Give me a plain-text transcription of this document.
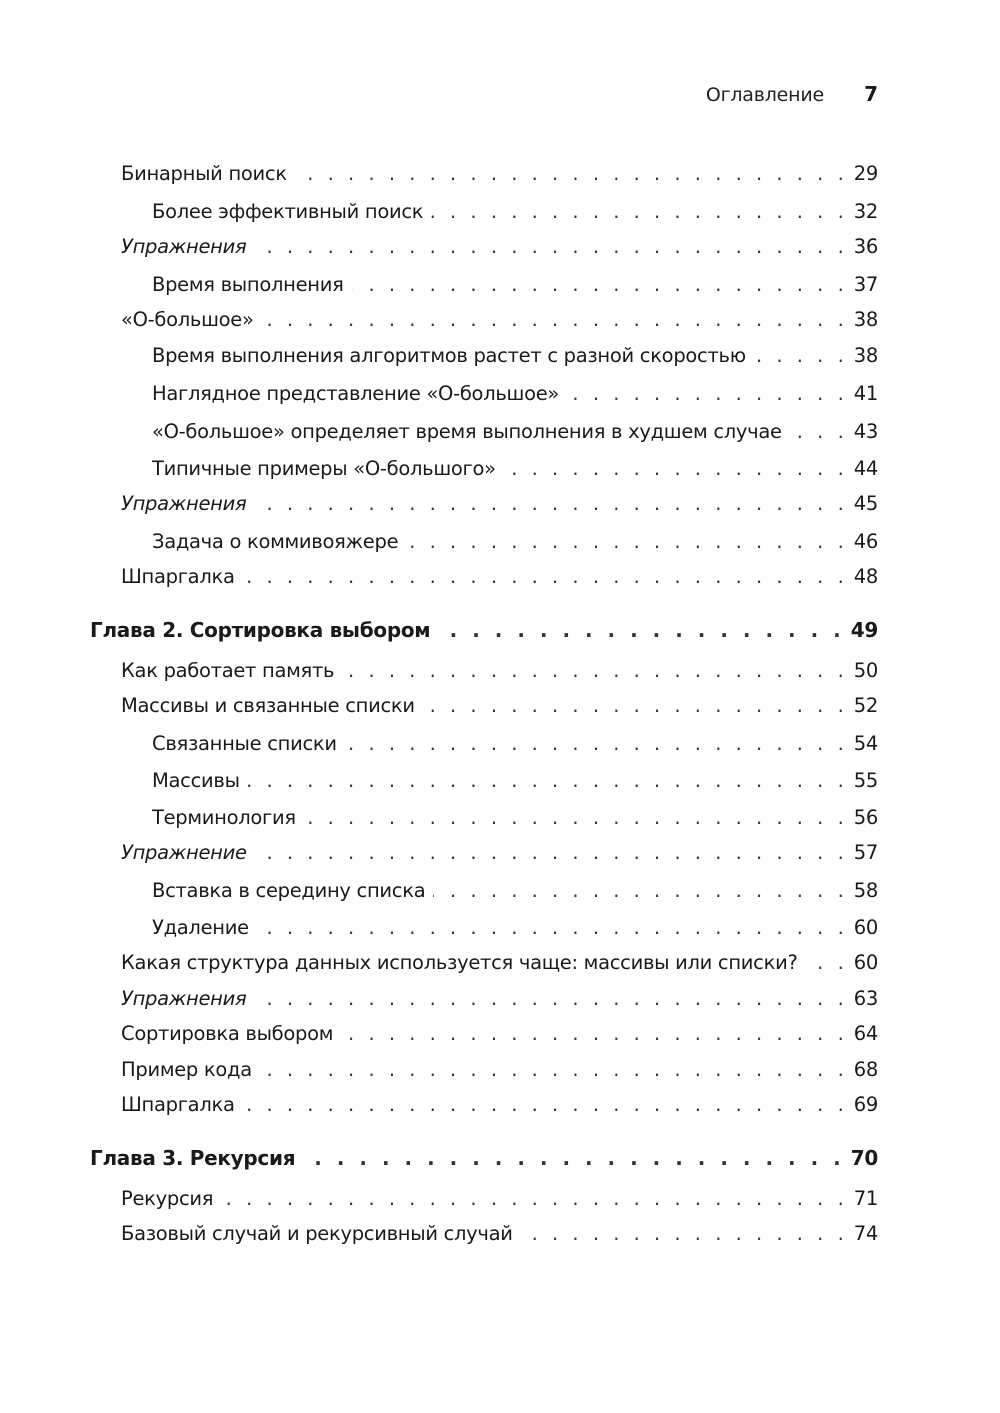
Оглавление 7
Бинарный поиск . . .	29
Более эффективный поиск . . .	32
Упражнения . . .	36
Время выполнения . . .	37
«О-большое» . . .	38
Время выполнения алгоритмов растет с разной скоростью . . .	38
Наглядное представление «О-большое» . . .	41
«О-большое» определяет время выполнения в худшем случае . . .	43
Типичные примеры «О-большого» . . .	44
Упражнения . . .	45
Задача о коммивояжере . . .	46
Шпаргалка . . .	48
Глава 2. Сортировка выбором . . .	49
Как работает память . . .	50
Массивы и связанные списки . . .	52
Связанные списки . . .	54
Массивы . . .	55
Терминология . . .	56
Упражнение . . .	57
Вставка в середину списка . . .	58
Удаление . . .	60
Какая структура данных используется чаще: массивы или списки? . . .	60
Упражнения . . .	63
Сортировка выбором . . .	64
Пример кода . . .	68
Шпаргалка . . .	69
Глава 3. Рекурсия . . .	70
Рекурсия . . .	71
Базовый случай и рекурсивный случай . . .	74
